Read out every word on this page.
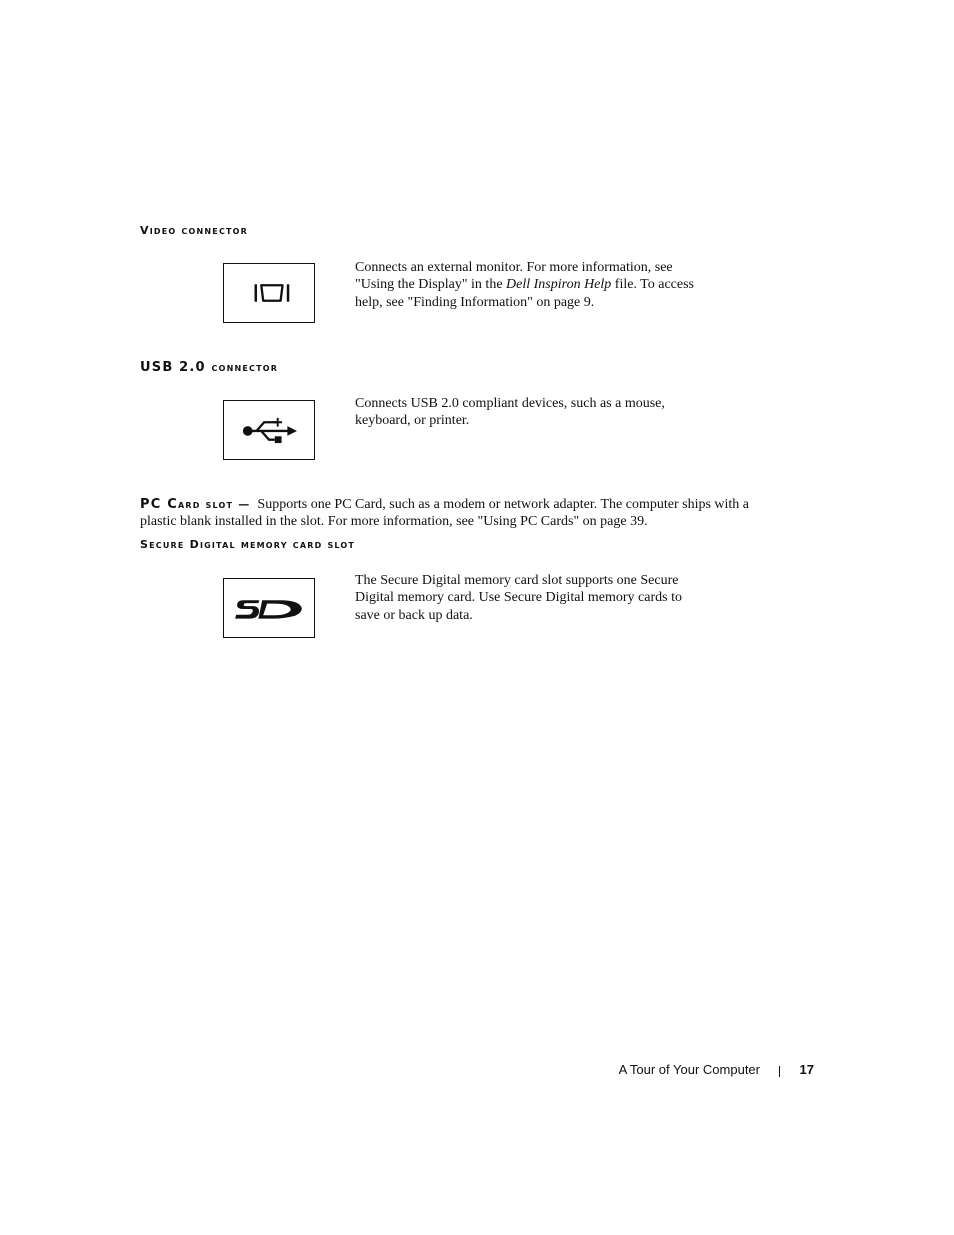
Video connector

Connects an external monitor. For more information, see "Using the Display" in the Dell Inspiron Help file. To access help, see "Finding Information" on page 9.

USB 2.0 connector

Connects USB 2.0 compliant devices, such as a mouse, keyboard, or printer.

PC Card slot — Supports one PC Card, such as a modem or network adapter. The computer ships with a plastic blank installed in the slot. For more information, see "Using PC Cards" on page 39.

Secure Digital memory card slot

The Secure Digital memory card slot supports one Secure Digital memory card. Use Secure Digital memory cards to save or back up data.

A Tour of Your Computer	17
